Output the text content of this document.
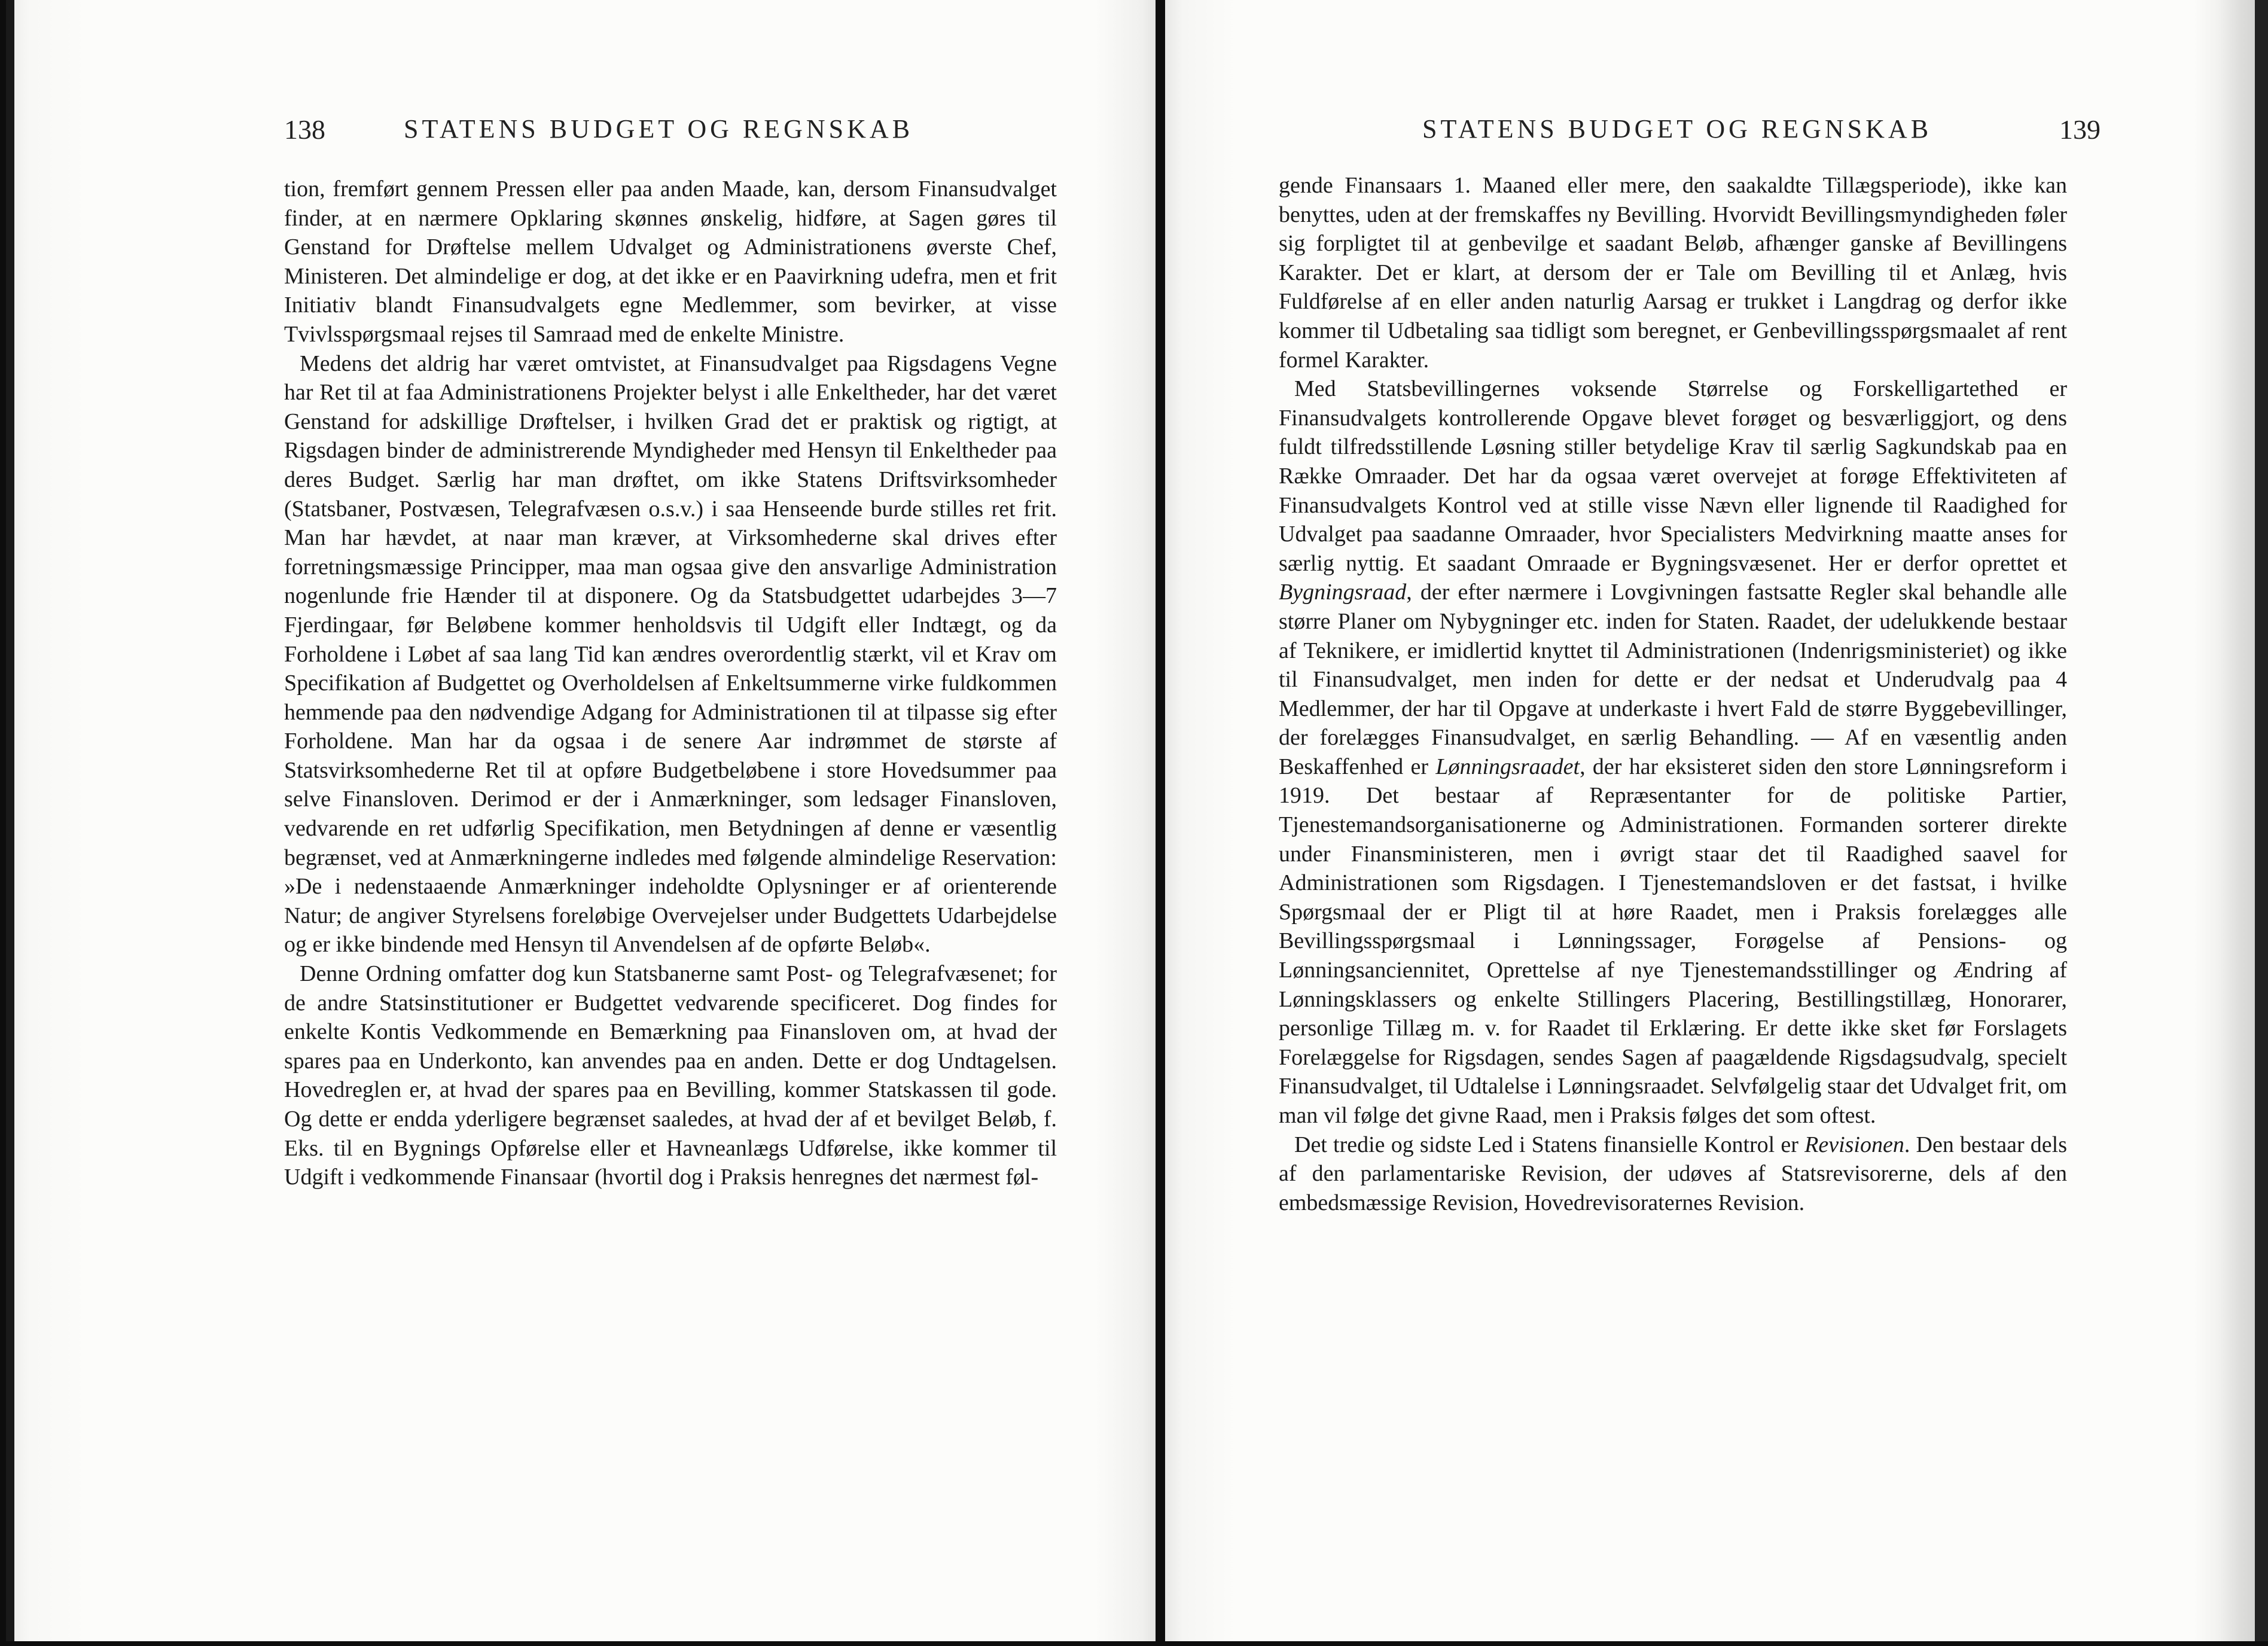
138	STATENS BUDGET OG REGNSKAB

tion, fremført gennem Pressen eller paa anden Maade, kan, dersom Finansudvalget finder, at en nærmere Opklaring skønnes ønskelig, hidføre, at Sagen gøres til Genstand for Drøftelse mellem Udvalget og Administrationens øverste Chef, Ministeren. Det almindelige er dog, at det ikke er en Paavirkning udefra, men et frit Initiativ blandt Finansudvalgets egne Medlemmer, som bevirker, at visse Tvivlsspørgsmaal rejses til Samraad med de enkelte Ministre.

Medens det aldrig har været omtvistet, at Finansudvalget paa Rigsdagens Vegne har Ret til at faa Administrationens Projekter belyst i alle Enkeltheder, har det været Genstand for adskillige Drøftelser, i hvilken Grad det er praktisk og rigtigt, at Rigsdagen binder de administrerende Myndigheder med Hensyn til Enkeltheder paa deres Budget. Særlig har man drøftet, om ikke Statens Driftsvirksomheder (Statsbaner, Postvæsen, Telegrafvæsen o.s.v.) i saa Henseende burde stilles ret frit. Man har hævdet, at naar man kræver, at Virksomhederne skal drives efter forretningsmæssige Principper, maa man ogsaa give den ansvarlige Administration nogenlunde frie Hænder til at disponere. Og da Statsbudgettet udarbejdes 3—7 Fjerdingaar, før Beløbene kommer henholdsvis til Udgift eller Indtægt, og da Forholdene i Løbet af saa lang Tid kan ændres overordentlig stærkt, vil et Krav om Specifikation af Budgettet og Overholdelsen af Enkeltsummerne virke fuldkommen hemmende paa den nødvendige Adgang for Administrationen til at tilpasse sig efter Forholdene. Man har da ogsaa i de senere Aar indrømmet de største af Statsvirksomhederne Ret til at opføre Budgetbeløbene i store Hovedsummer paa selve Finansloven. Derimod er der i Anmærkninger, som ledsager Finansloven, vedvarende en ret udførlig Specifikation, men Betydningen af denne er væsentlig begrænset, ved at Anmærkningerne indledes med følgende almindelige Reservation: »De i nedenstaaende Anmærkninger indeholdte Oplysninger er af orienterende Natur; de angiver Styrelsens foreløbige Overvejelser under Budgettets Udarbejdelse og er ikke bindende med Hensyn til Anvendelsen af de opførte Beløb«.

Denne Ordning omfatter dog kun Statsbanerne samt Post- og Telegrafvæsenet; for de andre Statsinstitutioner er Budgettet vedvarende specificeret. Dog findes for enkelte Kontis Vedkommende en Bemærkning paa Finansloven om, at hvad der spares paa en Underkonto, kan anvendes paa en anden. Dette er dog Undtagelsen. Hovedreglen er, at hvad der spares paa en Bevilling, kommer Statskassen til gode. Og dette er endda yderligere begrænset saaledes, at hvad der af et bevilget Beløb, f. Eks. til en Bygnings Opførelse eller et Havneanlægs Udførelse, ikke kommer til Udgift i vedkommende Finansaar (hvortil dog i Praksis henregnes det nærmest føl-

STATENS BUDGET OG REGNSKAB	139

gende Finansaars 1. Maaned eller mere, den saakaldte Tillægsperiode), ikke kan benyttes, uden at der fremskaffes ny Bevilling. Hvorvidt Bevillingsmyndigheden føler sig forpligtet til at genbevilge et saadant Beløb, afhænger ganske af Bevillingens Karakter. Det er klart, at dersom der er Tale om Bevilling til et Anlæg, hvis Fuldførelse af en eller anden naturlig Aarsag er trukket i Langdrag og derfor ikke kommer til Udbetaling saa tidligt som beregnet, er Genbevillingsspørgsmaalet af rent formel Karakter.

Med Statsbevillingernes voksende Størrelse og Forskelligartethed er Finansudvalgets kontrollerende Opgave blevet forøget og besværliggjort, og dens fuldt tilfredsstillende Løsning stiller betydelige Krav til særlig Sagkundskab paa en Række Omraader. Det har da ogsaa været overvejet at forøge Effektiviteten af Finansudvalgets Kontrol ved at stille visse Nævn eller lignende til Raadighed for Udvalget paa saadanne Omraader, hvor Specialisters Medvirkning maatte anses for særlig nyttig. Et saadant Omraade er Bygningsvæsenet. Her er derfor oprettet et Bygningsraad, der efter nærmere i Lovgivningen fastsatte Regler skal behandle alle større Planer om Nybygninger etc. inden for Staten. Raadet, der udelukkende bestaar af Teknikere, er imidlertid knyttet til Administrationen (Indenrigsministeriet) og ikke til Finansudvalget, men inden for dette er der nedsat et Underudvalg paa 4 Medlemmer, der har til Opgave at underkaste i hvert Fald de større Byggebevillinger, der forelægges Finansudvalget, en særlig Behandling. — Af en væsentlig anden Beskaffenhed er Lønningsraadet, der har eksisteret siden den store Lønningsreform i 1919. Det bestaar af Repræsentanter for de politiske Partier, Tjenestemandsorganisationerne og Administrationen. Formanden sorterer direkte under Finansministeren, men i øvrigt staar det til Raadighed saavel for Administrationen som Rigsdagen. I Tjenestemandsloven er det fastsat, i hvilke Spørgsmaal der er Pligt til at høre Raadet, men i Praksis forelægges alle Bevillingsspørgsmaal i Lønningssager, Forøgelse af Pensions- og Lønningsanciennitet, Oprettelse af nye Tjenestemandsstillinger og Ændring af Lønningsklassers og enkelte Stillingers Placering, Bestillingstillæg, Honorarer, personlige Tillæg m. v. for Raadet til Erklæring. Er dette ikke sket før Forslagets Forelæggelse for Rigsdagen, sendes Sagen af paagældende Rigsdagsudvalg, specielt Finansudvalget, til Udtalelse i Lønningsraadet. Selvfølgelig staar det Udvalget frit, om man vil følge det givne Raad, men i Praksis følges det som oftest.

Det tredie og sidste Led i Statens finansielle Kontrol er Revisionen. Den bestaar dels af den parlamentariske Revision, der udøves af Statsrevisorerne, dels af den embedsmæssige Revision, Hovedrevisoraternes Revision.
